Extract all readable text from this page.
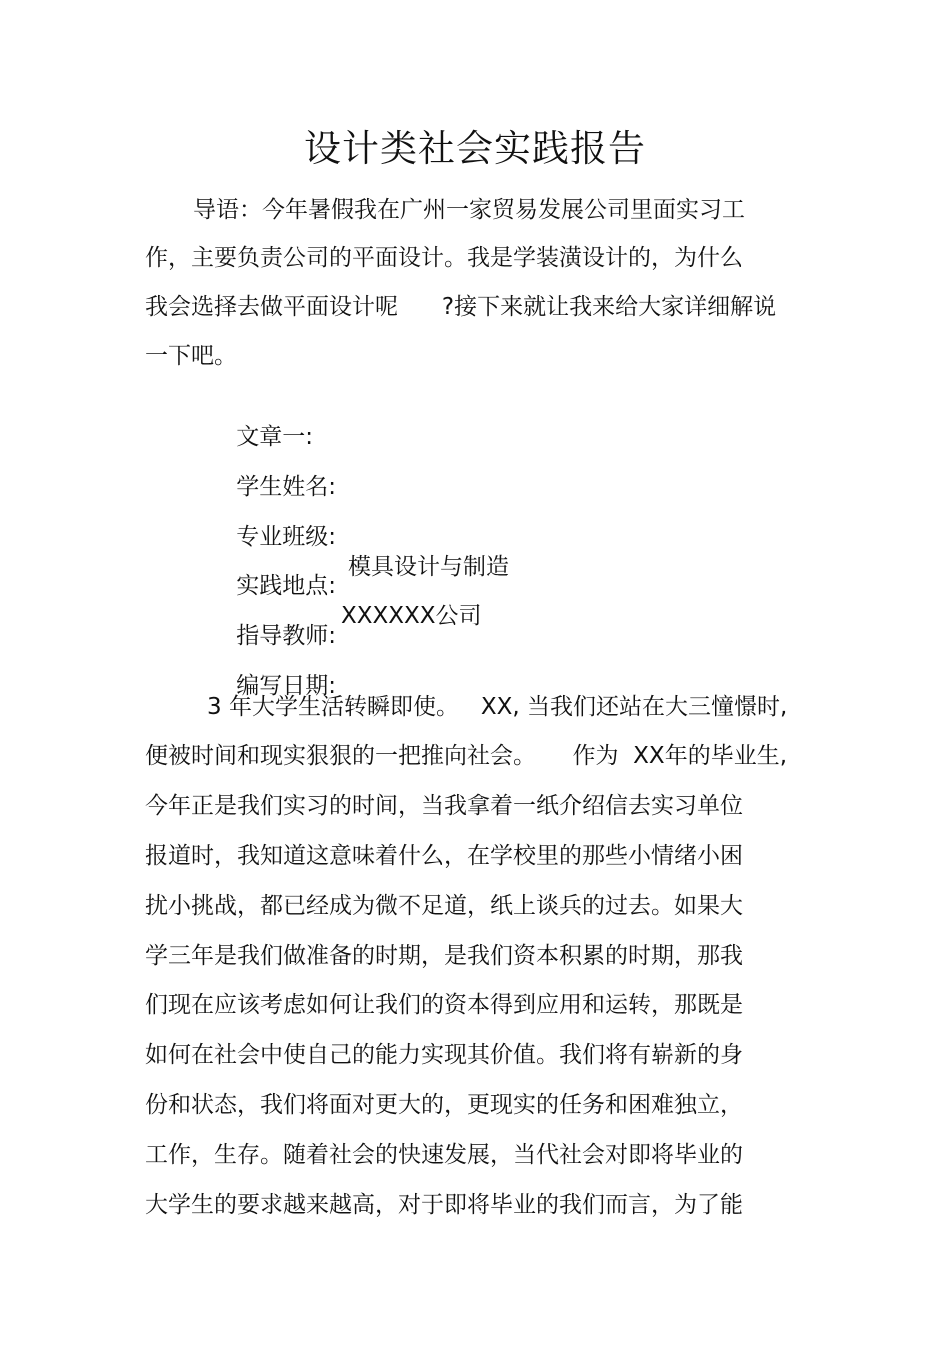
设计类社会实践报告
导语：今年暑假我在广州一家贸易发展公司里面实习工
作，主要负责公司的平面设计。我是学装潢设计的，为什么
我会选择去做平面设计呢      ?接下来就让我来给大家详细解说
一下吧。

文章一:

学生姓名:

专业班级:

模具设计与制造

实践地点:

XXXXXX公司

指导教师:

编写日期:

3 年大学生活转瞬即使。   XX, 当我们还站在大三憧憬时,
便被时间和现实狠狠的一把推向社会。     作为  XX年的毕业生,
今年正是我们实习的时间，当我拿着一纸介绍信去实习单位
报道时，我知道这意味着什么，在学校里的那些小情绪小困
扰小挑战，都已经成为微不足道，纸上谈兵的过去。如果大
学三年是我们做准备的时期，是我们资本积累的时期，那我
们现在应该考虑如何让我们的资本得到应用和运转，那既是
如何在社会中使自己的能力实现其价值。我们将有崭新的身
份和状态，我们将面对更大的，更现实的任务和困难独立，
工作，生存。随着社会的快速发展，当代社会对即将毕业的
大学生的要求越来越高，对于即将毕业的我们而言，为了能
